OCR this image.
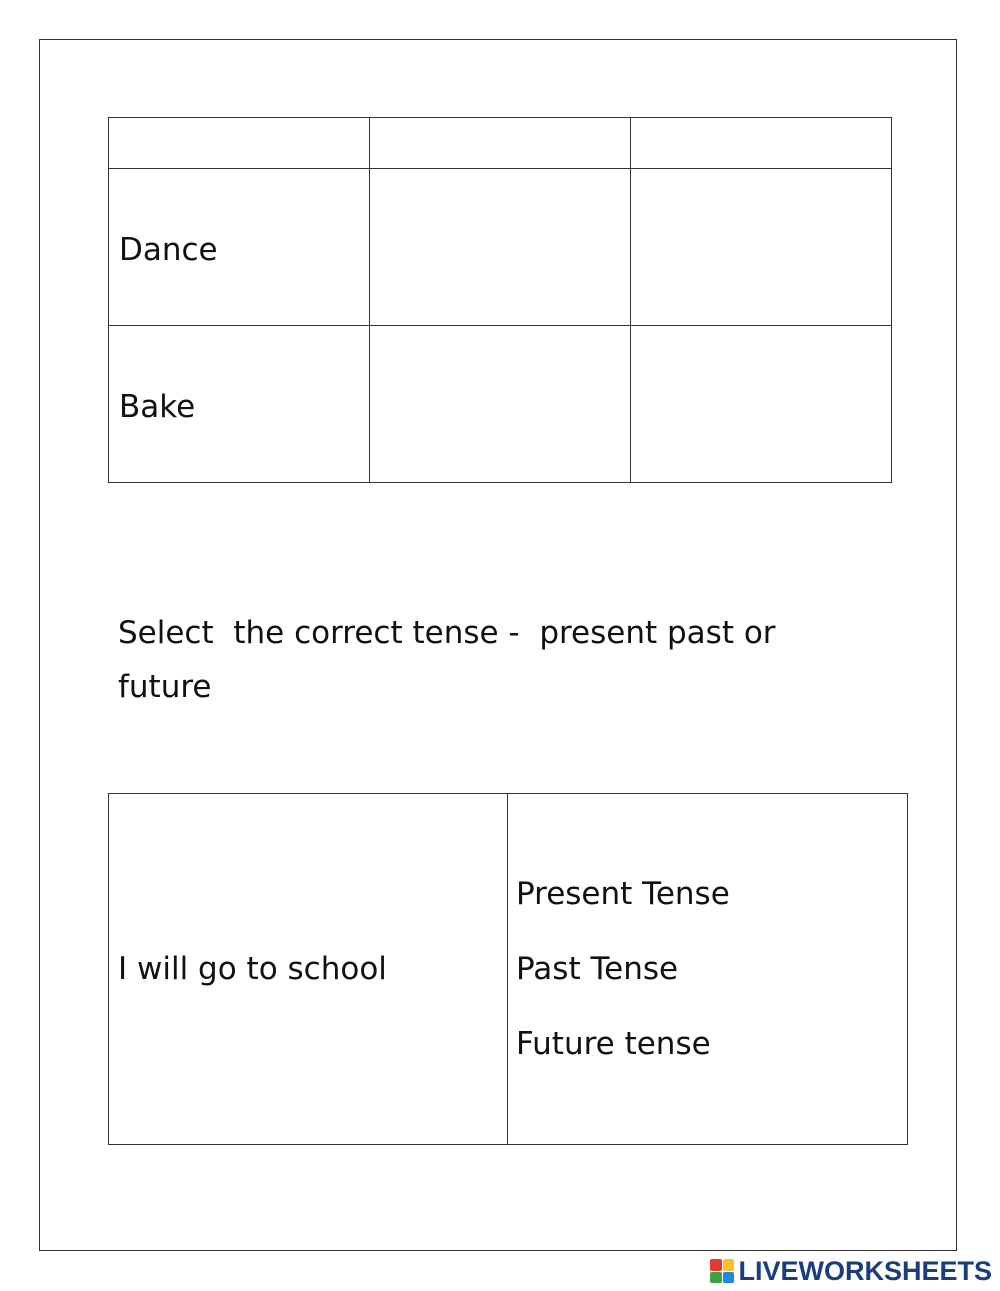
Dance		
Bake		

Select  the correct tense -  present past or future

I will go to school	
Present Tense
Past Tense
Future tense
LIVEWORKSHEETS
